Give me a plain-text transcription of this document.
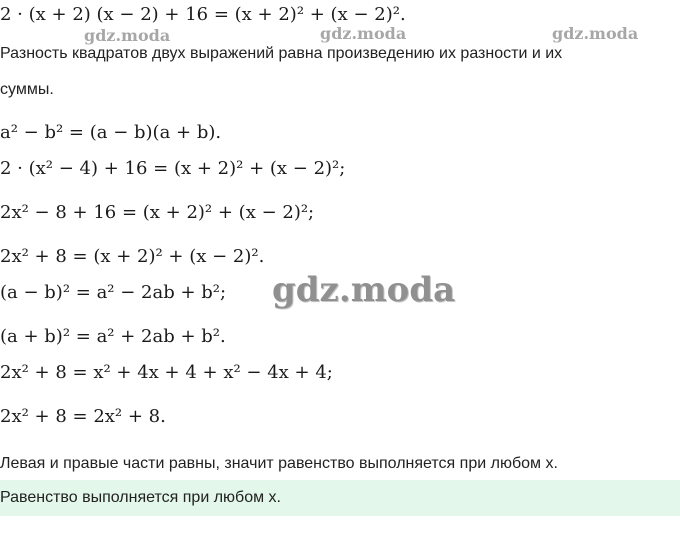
2 · (x + 2) (x − 2) + 16 = (x + 2)² + (x − 2)².
gdz.moda	gdz.moda	gdz.moda
Разность квадратов двух выражений равна произведению их разности и их
суммы.
a² − b² = (a − b)(a + b).
2 · (x² − 4) + 16 = (x + 2)² + (x − 2)²;
2x² − 8 + 16 = (x + 2)² + (x − 2)²;
2x² + 8 = (x + 2)² + (x − 2)².
(a − b)² = a² − 2ab + b²; gdz.moda
(a + b)² = a² + 2ab + b².
2x² + 8 = x² + 4x + 4 + x² − 4x + 4;
2x² + 8 = 2x² + 8.
Левая и правые части равны, значит равенство выполняется при любом x.
Равенство выполняется при любом x.
